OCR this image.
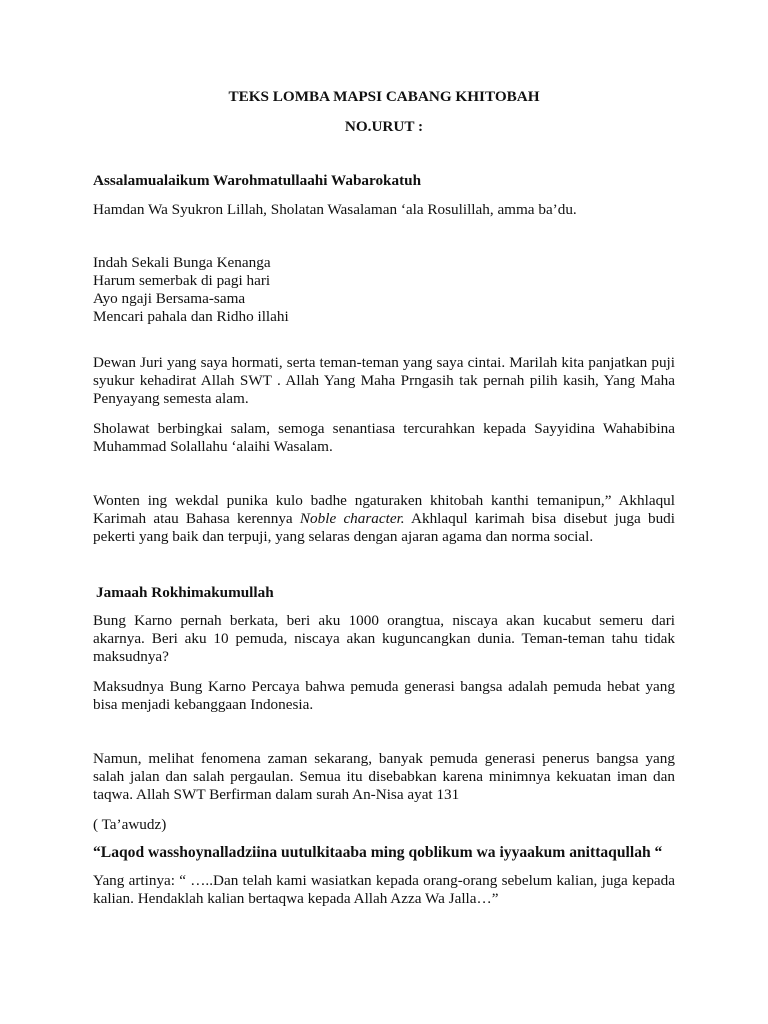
TEKS LOMBA MAPSI CABANG KHITOBAH
NO.URUT :

Assalamualaikum Warohmatullaahi Wabarokatuh

Hamdan Wa Syukron Lillah, Sholatan Wasalaman ‘ala Rosulillah, amma ba’du.

Indah Sekali Bunga Kenanga
Harum semerbak di pagi hari
Ayo ngaji Bersama-sama
Mencari pahala dan Ridho illahi

Dewan Juri yang saya hormati, serta teman-teman yang saya cintai. Marilah kita panjatkan puji syukur kehadirat Allah SWT . Allah Yang Maha Prngasih tak pernah pilih kasih, Yang Maha Penyayang semesta alam.

Sholawat berbingkai salam, semoga senantiasa tercurahkan kepada Sayyidina Wahabibina Muhammad Solallahu ‘alaihi Wasalam.

Wonten ing wekdal punika kulo badhe ngaturaken khitobah kanthi temanipun,” Akhlaqul Karimah atau Bahasa kerennya Noble character. Akhlaqul karimah bisa disebut juga budi pekerti yang baik dan terpuji, yang selaras dengan ajaran agama dan norma social.

Jamaah Rokhimakumullah

Bung Karno pernah berkata, beri aku 1000 orangtua, niscaya akan kucabut semeru dari akarnya. Beri aku 10 pemuda, niscaya akan kuguncangkan dunia. Teman-teman tahu tidak maksudnya?

Maksudnya Bung Karno Percaya bahwa pemuda generasi bangsa adalah pemuda hebat yang bisa menjadi kebanggaan Indonesia.

Namun, melihat fenomena zaman sekarang, banyak pemuda generasi penerus bangsa yang salah jalan dan salah pergaulan. Semua itu disebabkan karena minimnya kekuatan iman dan taqwa. Allah SWT Berfirman dalam surah An-Nisa ayat 131

( Ta’awudz)

“Laqod wasshoynalladziina uutulkitaaba ming qoblikum wa iyyaakum anittaqullah “

Yang artinya: “ …..Dan telah kami wasiatkan kepada orang-orang sebelum kalian, juga kepada kalian. Hendaklah kalian bertaqwa kepada Allah Azza Wa Jalla…”
